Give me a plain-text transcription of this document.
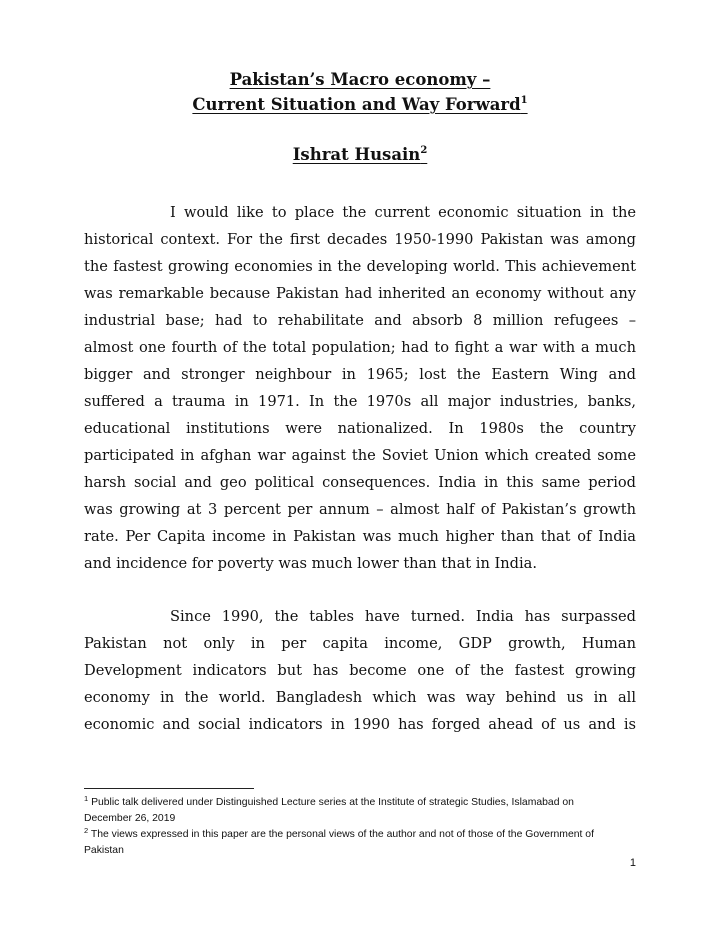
Pakistan’s Macro economy –
Current Situation and Way Forward$^1$
Ishrat Husain$^2$
I would like to place the current economic situation in the
historical context. For the first decades 1950-1990 Pakistan was among
the fastest growing economies in the developing world. This achievement
was remarkable because Pakistan had inherited an economy without any
industrial base; had to rehabilitate and absorb 8 million refugees –
almost one fourth of the total population; had to fight a war with a much
bigger and stronger neighbour in 1965; lost the Eastern Wing and
suffered a trauma in 1971. In the 1970s all major industries, banks,
educational institutions were nationalized. In 1980s the country
participated in afghan war against the Soviet Union which created some
harsh social and geo political consequences. India in this same period
was growing at 3 percent per annum – almost half of Pakistan’s growth
rate. Per Capita income in Pakistan was much higher than that of India
and incidence for poverty was much lower than that in India.
Since 1990, the tables have turned. India has surpassed
Pakistan not only in per capita income, GDP growth, Human
Development indicators but has become one of the fastest growing
economy in the world. Bangladesh which was way behind us in all
economic and social indicators in 1990 has forged ahead of us and is
$^1$ Public talk delivered under Distinguished Lecture series at the Institute of strategic Studies, Islamabad on
December 26, 2019
$^2$ The views expressed in this paper are the personal views of the author and not of those of the Government of
Pakistan
1
